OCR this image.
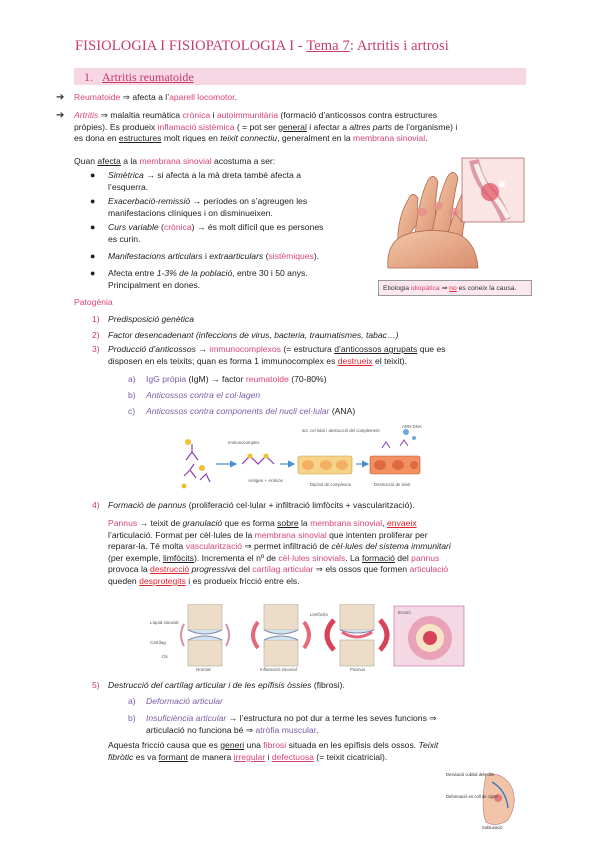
FISIOLOGIA I FISIOPATOLOGIA I - Tema 7: Artritis i artrosi
1. Artritis reumatoide
➔ Reumatoide ⇒ afecta a l’aparell locomotor.
➔ Artritis ⇒ malaltia reumàtica crònica i autoimmunitària (formació d’anticossos contra estructures
pròpies). Es produeix inflamació sistèmica ( = pot ser general i afectar a altres parts de l’organisme) i
es dona en estructures molt riques en teixit connectiu, generalment en la membrana sinovial.
Quan afecta a la membrana sinovial acostuma a ser:
● Simètrica → si afecta a la mà dreta també afecta a
l’esquerra.
● Exacerbació-remissió → períodes on s’agreugen les
manifestacions clíniques i on disminueixen.
● Curs variable (crònica) → és molt difícil que es persones
es curin.
● Manifestacions articulars i extraarticulars (sistèmiques).
● Afecta entre 1-3% de la població, entre 30 i 50 anys.
Principalment en dones.	Etiologia idiopàtica ⇒ no es coneix la causa.
Patogènia
1) Predisposició genètica
2) Factor desencadenant (infeccions de virus, bacteria, traumatismes, tabac…)
3) Producció d’anticossos → immunocomplexos (= estructura d’anticossos agrupats que es
disposen en els teixits; quan es forma 1 immunocomplex es destrueix el teixit).
a) IgG pròpia (IgM) → factor reumatoide (70-80%)
b) Anticossos contra el col·lagen
c) Anticossos contra components del nucli cel·lular (ANA)
Antigen + Anticòs
act. cel·lular i destrucció del complement
Dipòsit de complexos	Destrucció de teixit
ARN·DNA
Immunocomplex
4) Formació de pannus (proliferació cel·lular + infiltració limfòcits + vascularització).
Pannus → teixit de granulació que es forma sobre la membrana sinovial, envaeix
l’articulació. Format per cèl·lules de la membrana sinovial que intenten proliferar per
reparar-la. Té molta vascularització ⇒ permet infiltració de cèl·lules del sistema immunitari
(per exemple, limfòcits). Incrementa el nº de cèl·lules sinovials. La formació del pannus
provoca la destrucció progressiva del cartílag articular ⇒ els ossos que formen articulació
queden desprotegits i es produeix fricció entre els.
Líquid sinovial
Cartílag
Os
Normal	Inflamació sinovial	Pannus
Limfòcits	Erosió
5) Destrucció del cartílag articular i de les epífisis òssies (fibrosi).
a) Deformació articular
b) Insuficiència articular → l’estructura no pot dur a terme les seves funcions ⇒
articulació no funciona bé ⇒ atròfia muscular.
Aquesta fricció causa que es generi una fibrosi situada en les epífisis dels ossos. Teixit
fibròtic es va formant de manera irregular i defectuosa (= teixit cicatricial).
Desviació cubital dels dits
Deformació en coll de cigne
Subluxació
